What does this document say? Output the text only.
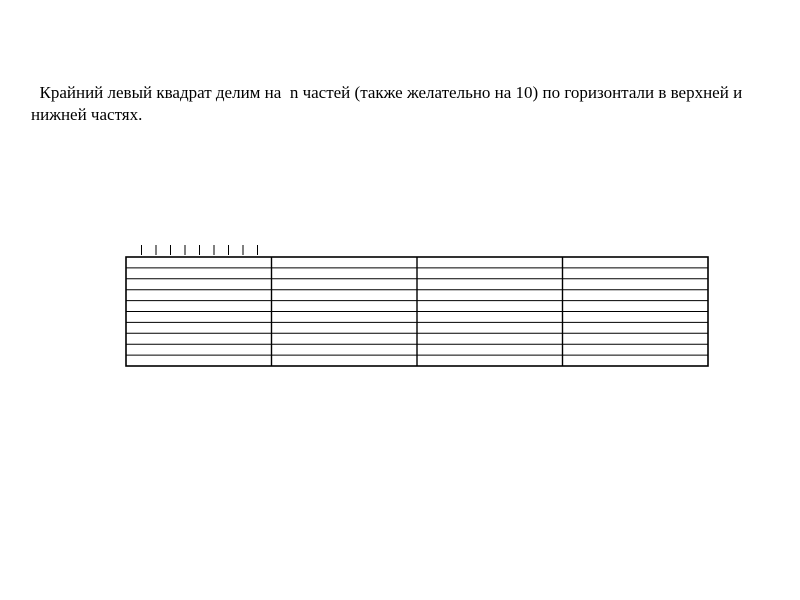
Крайний левый квадрат делим на  n частей (также желательно на 10) по горизонтали в верхней и нижней частях.
